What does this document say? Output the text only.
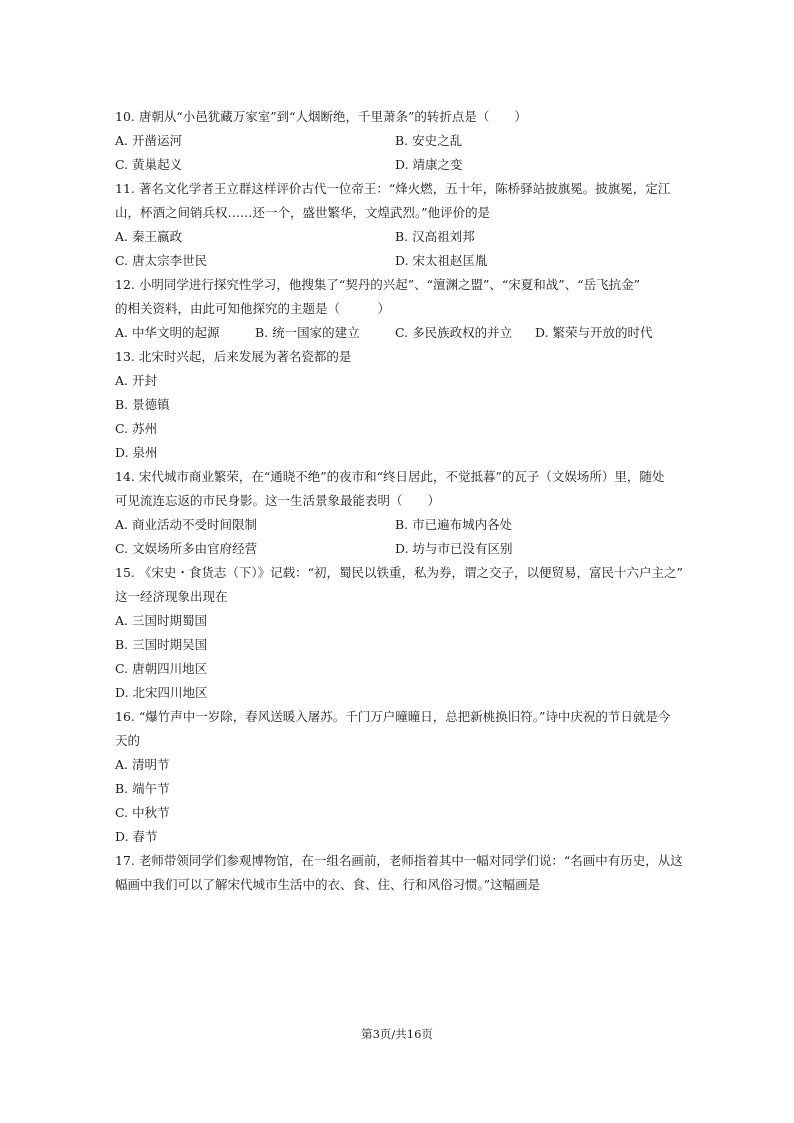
10. 唐朝从“小邑犹藏万家室”到“人烟断绝，千里萧条”的转折点是（　　）
A. 开凿运河	B. 安史之乱
C. 黄巢起义	D. 靖康之变
11. 著名文化学者王立群这样评价古代一位帝王：“烽火燃，五十年，陈桥驿站披旗冕。披旗冕，定江
山，杯酒之间销兵权……还一个，盛世繁华，文煌武烈。”他评价的是
A. 秦王嬴政	B. 汉高祖刘邦
C. 唐太宗李世民	D. 宋太祖赵匡胤
12. 小明同学进行探究性学习，他搜集了“契丹的兴起”、“澶渊之盟”、“宋夏和战”、“岳飞抗金”
的相关资料，由此可知他探究的主题是（　　　）
A. 中华文明的起源	B. 统一国家的建立	C. 多民族政权的并立	D. 繁荣与开放的时代
13. 北宋时兴起，后来发展为著名瓷都的是
A. 开封
B. 景德镇
C. 苏州
D. 泉州
14. 宋代城市商业繁荣，在“通晓不绝”的夜市和“终日居此，不觉抵暮”的瓦子（文娱场所）里，随处
可见流连忘返的市民身影。这一生活景象最能表明（　　）
A. 商业活动不受时间限制	B. 市已遍布城内各处
C. 文娱场所多由官府经营	D. 坊与市已没有区别
15. 《宋史・食货志（下）》记载：“初，蜀民以铁重，私为券，谓之交子，以便贸易，富民十六户主之”
这一经济现象出现在
A. 三国时期蜀国
B. 三国时期吴国
C. 唐朝四川地区
D. 北宋四川地区
16. “爆竹声中一岁除，春风送暖入屠苏。千门万户曈曈日，总把新桃换旧符。”诗中庆祝的节日就是今
天的
A. 清明节
B. 端午节
C. 中秋节
D. 春节
17. 老师带领同学们参观博物馆，在一组名画前，老师指着其中一幅对同学们说：“名画中有历史，从这
幅画中我们可以了解宋代城市生活中的衣、食、住、行和风俗习惯。”这幅画是
第3页/共16页
